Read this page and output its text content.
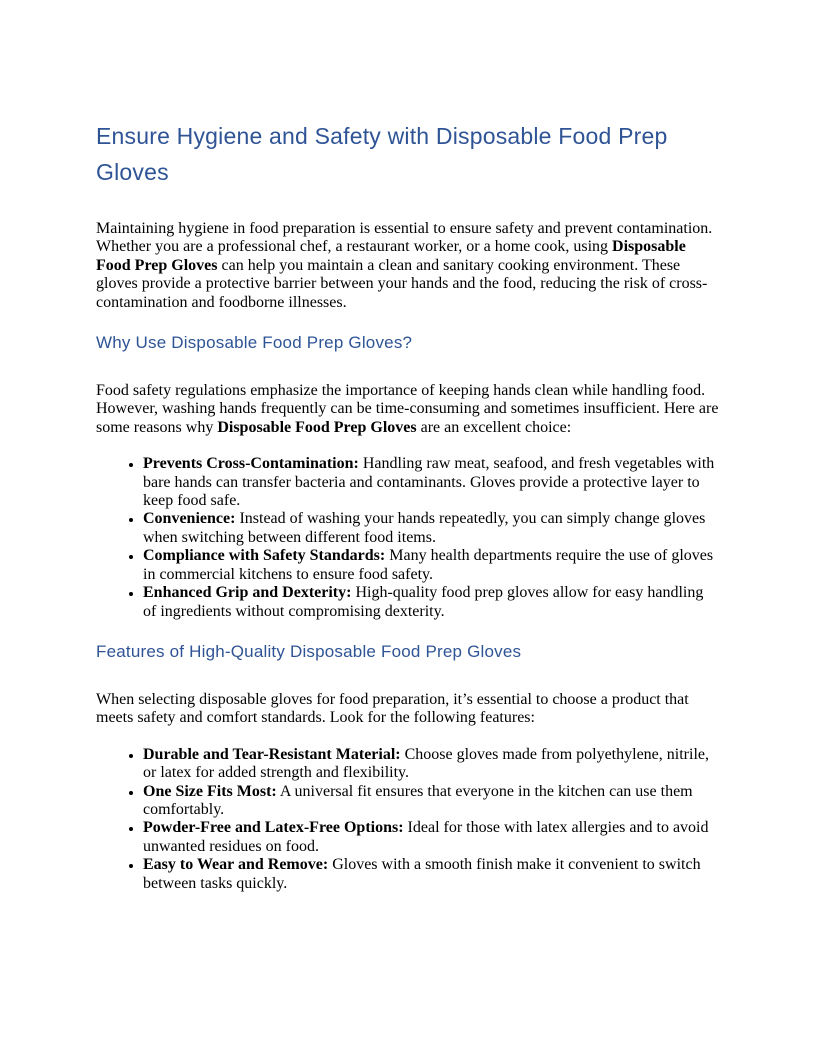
Ensure Hygiene and Safety with Disposable Food Prep Gloves

Maintaining hygiene in food preparation is essential to ensure safety and prevent contamination. Whether you are a professional chef, a restaurant worker, or a home cook, using Disposable Food Prep Gloves can help you maintain a clean and sanitary cooking environment. These gloves provide a protective barrier between your hands and the food, reducing the risk of cross-contamination and foodborne illnesses.

Why Use Disposable Food Prep Gloves?

Food safety regulations emphasize the importance of keeping hands clean while handling food. However, washing hands frequently can be time-consuming and sometimes insufficient. Here are some reasons why Disposable Food Prep Gloves are an excellent choice:

• Prevents Cross-Contamination: Handling raw meat, seafood, and fresh vegetables with bare hands can transfer bacteria and contaminants. Gloves provide a protective layer to keep food safe.
• Convenience: Instead of washing your hands repeatedly, you can simply change gloves when switching between different food items.
• Compliance with Safety Standards: Many health departments require the use of gloves in commercial kitchens to ensure food safety.
• Enhanced Grip and Dexterity: High-quality food prep gloves allow for easy handling of ingredients without compromising dexterity.
Features of High-Quality Disposable Food Prep Gloves

When selecting disposable gloves for food preparation, it’s essential to choose a product that meets safety and comfort standards. Look for the following features:

• Durable and Tear-Resistant Material: Choose gloves made from polyethylene, nitrile, or latex for added strength and flexibility.
• One Size Fits Most: A universal fit ensures that everyone in the kitchen can use them comfortably.
• Powder-Free and Latex-Free Options: Ideal for those with latex allergies and to avoid unwanted residues on food.
• Easy to Wear and Remove: Gloves with a smooth finish make it convenient to switch between tasks quickly.
